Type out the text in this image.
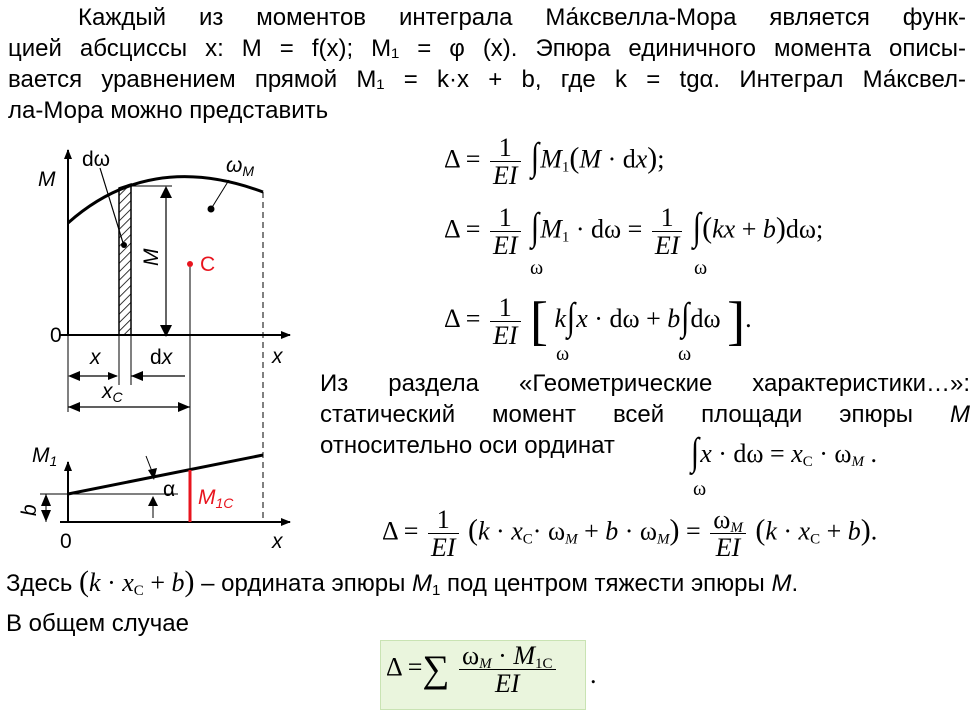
Каждый из моментов интеграла Ма́ксвелла-Мора является функ-
цией абсциссы x: M = f(x); M₁ = φ (x). Эпюра единичного момента описы-
вается уравнением прямой M₁ = k·x + b, где k = tgα. Интеграл Ма́ксвел-
ла-Мора можно представить
M
0
x
dω	ωM
C
M
x dx
xC
M1
0	x
α M1C
b
$\Delta = \frac{1}{EI} \int M_1(M \cdot dx)$;
$\Delta = \frac{1}{EI} \int M_1 \cdot d\omega = \frac{1}{EI} \int(kx + b)d\omega$;
ω	ω
$\Delta = \frac{1}{EI}$ [ k∫x · dω + b∫dω ].
ω	ω
Из раздела «Геометрические характеристики…»:
статический момент всей площади эпюры M
относительно оси ординат	$\int x \cdot d\omega = x_C \cdot \omega_M$ .
ω
$\Delta = \frac{1}{EI} (k \cdot x_C\cdot \omega_M + b \cdot \omega_M) = \frac{\omega_M}{EI} (k \cdot x_C + b)$.
Здесь $(k \cdot x_C + b)$ – ордината эпюры $M_1$ под центром тяжести эпюры M.
В общем случае
Δ =∑ $\frac{\omega_M \cdot M_{1C}}{EI}$ .
